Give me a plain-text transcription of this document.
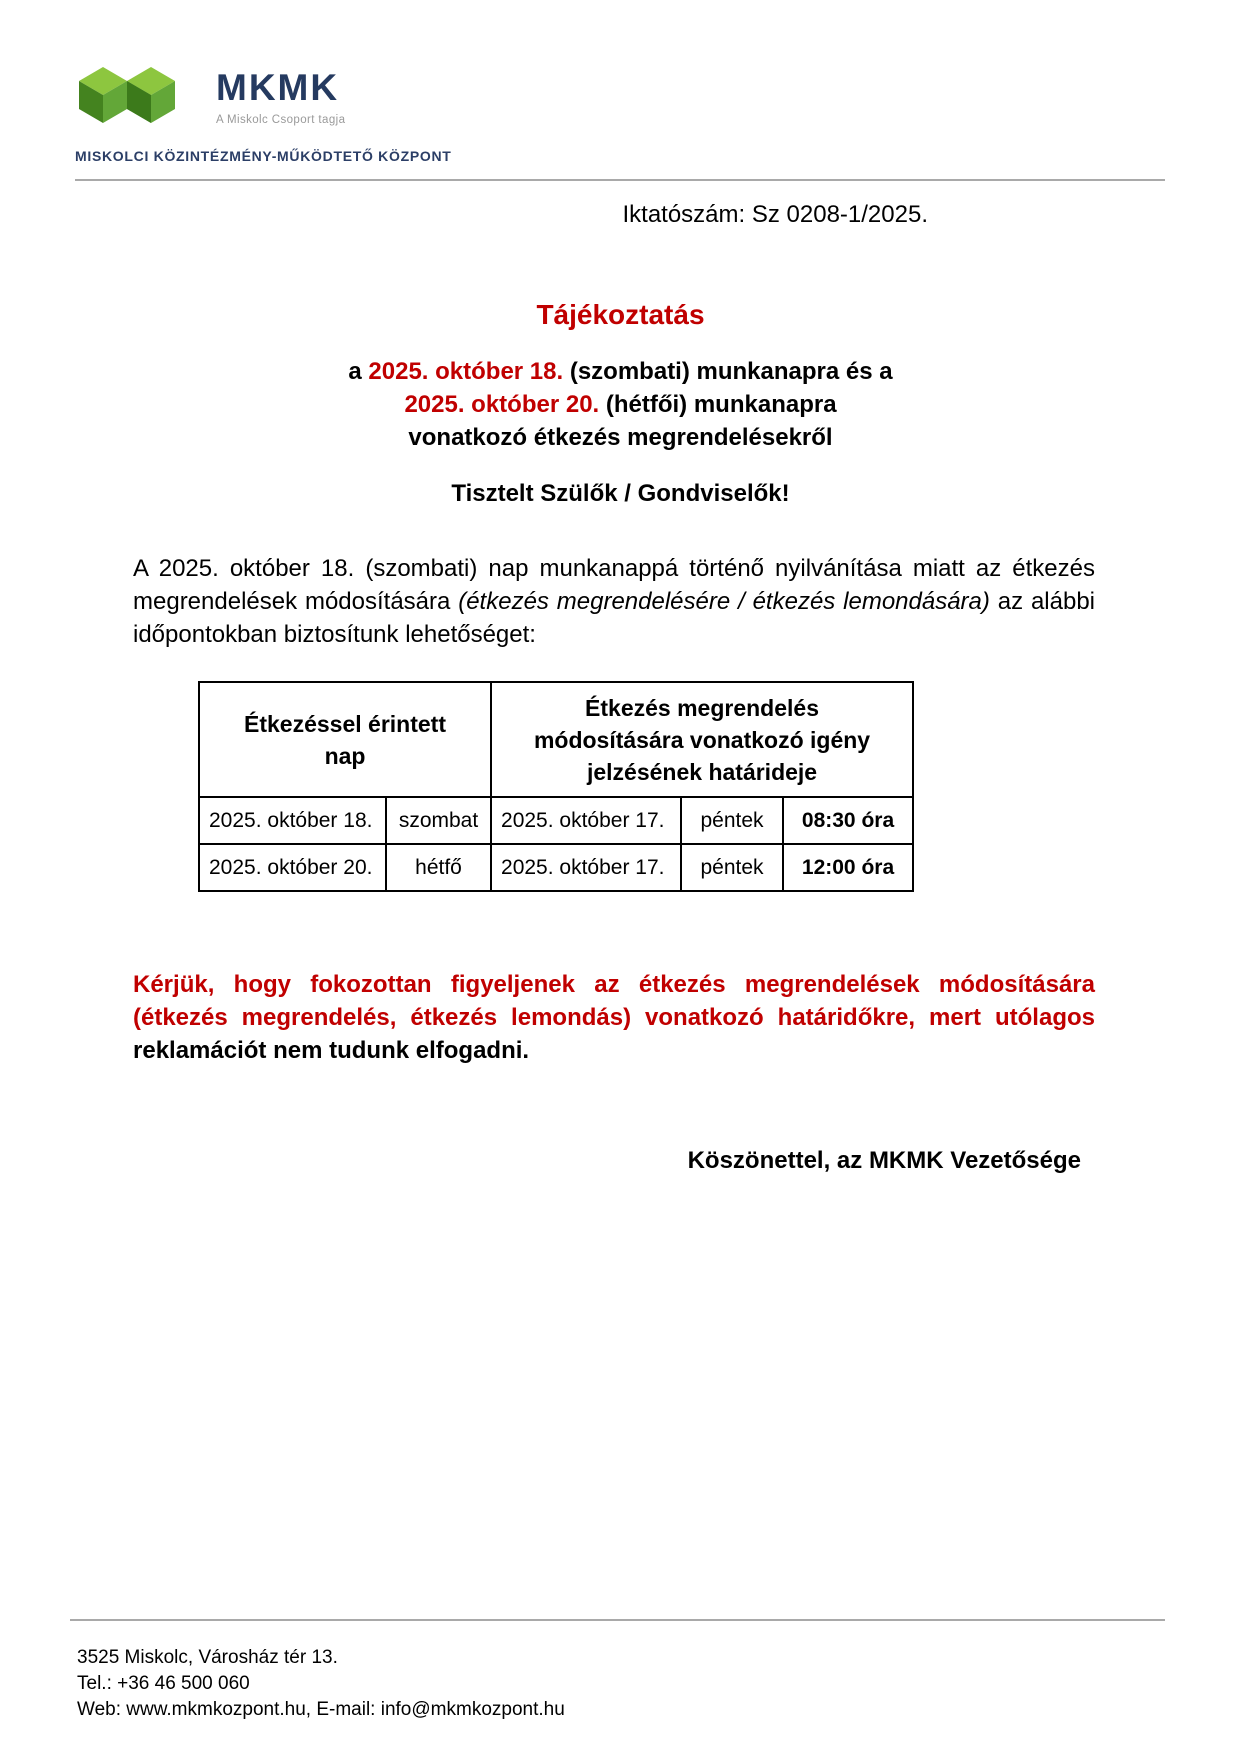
MKMK
A Miskolc Csoport tagja
MISKOLCI KÖZINTÉZMÉNY-MŰKÖDTETŐ KÖZPONT
Iktatószám: Sz 0208-1/2025.
Tájékoztatás
a 2025. október 18. (szombati) munkanapra és a
2025. október 20. (hétfői) munkanapra
vonatkozó étkezés megrendelésekről
Tisztelt Szülők / Gondviselők!

A 2025. október 18. (szombati) nap munkanappá történő nyilvánítása miatt az étkezés megrendelések módosítására (étkezés megrendelésére / étkezés lemondására) az alábbi időpontokban biztosítunk lehetőséget:

Étkezéssel érintett nap		Étkezés megrendelés módosítására vonatkozó igény jelzésének határideje		
2025. október 18.	szombat	2025. október 17.	péntek	08:30 óra
2025. október 20.	hétfő	2025. október 17.	péntek	12:00 óra

Kérjük, hogy fokozottan figyeljenek az étkezés megrendelések módosítására (étkezés megrendelés, étkezés lemondás) vonatkozó határidőkre, mert utólagos reklamációt nem tudunk elfogadni.

Köszönettel, az MKMK Vezetősége
3525 Miskolc, Városház tér 13.
Tel.: +36 46 500 060
Web: www.mkmkozpont.hu, E-mail: info@mkmkozpont.hu
